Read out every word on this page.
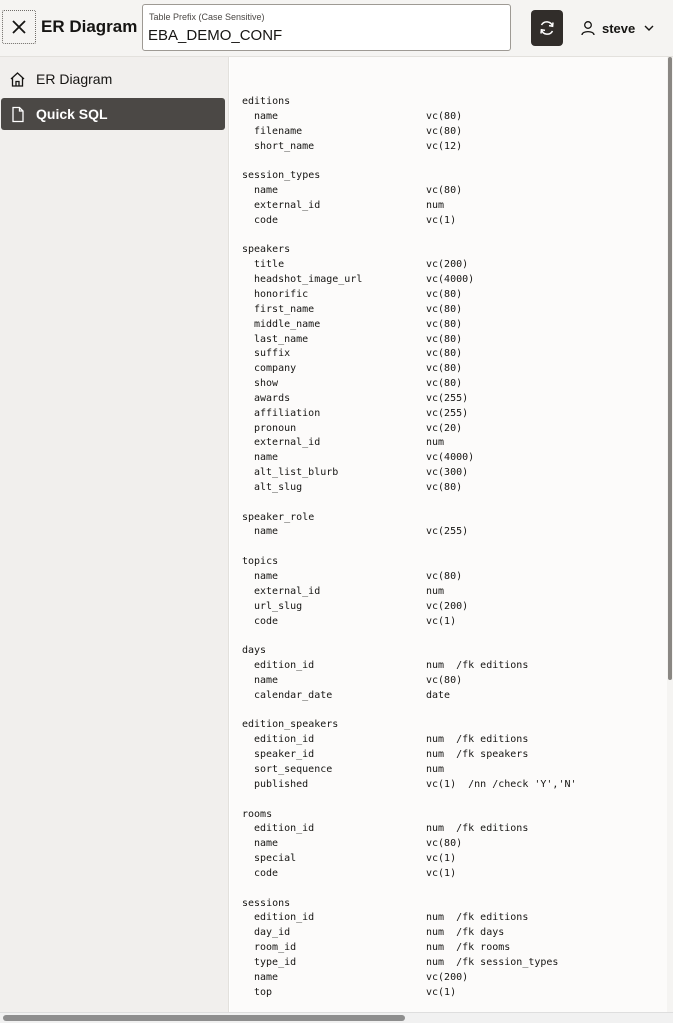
ER Diagram Table Prefix (Case Sensitive)
EBA_DEMO_CONF
steve
ER Diagram
Quick SQL
editions
name	vc(80)
filename	vc(80)
short_name	vc(12)
session_types
name	vc(80)
external_id	num
code	vc(1)
speakers
title	vc(200)
headshot_image_url	vc(4000)
honorific	vc(80)
first_name	vc(80)
middle_name	vc(80)
last_name	vc(80)
suffix	vc(80)
company	vc(80)
show	vc(80)
awards	vc(255)
affiliation	vc(255)
pronoun	vc(20)
external_id	num
name	vc(4000)
alt_list_blurb	vc(300)
alt_slug	vc(80)
speaker_role
name	vc(255)
topics
name	vc(80)
external_id	num
url_slug	vc(200)
code	vc(1)
days
edition_id	num  /fk editions
name	vc(80)
calendar_date	date
edition_speakers
edition_id	num  /fk editions
speaker_id	num  /fk speakers
sort_sequence	num
published	vc(1)  /nn /check 'Y','N'
rooms
edition_id	num  /fk editions
name	vc(80)
special	vc(1)
code	vc(1)
sessions
edition_id	num  /fk editions
day_id	num  /fk days
room_id	num  /fk rooms
type_id	num  /fk session_types
name	vc(200)
top	vc(1)
